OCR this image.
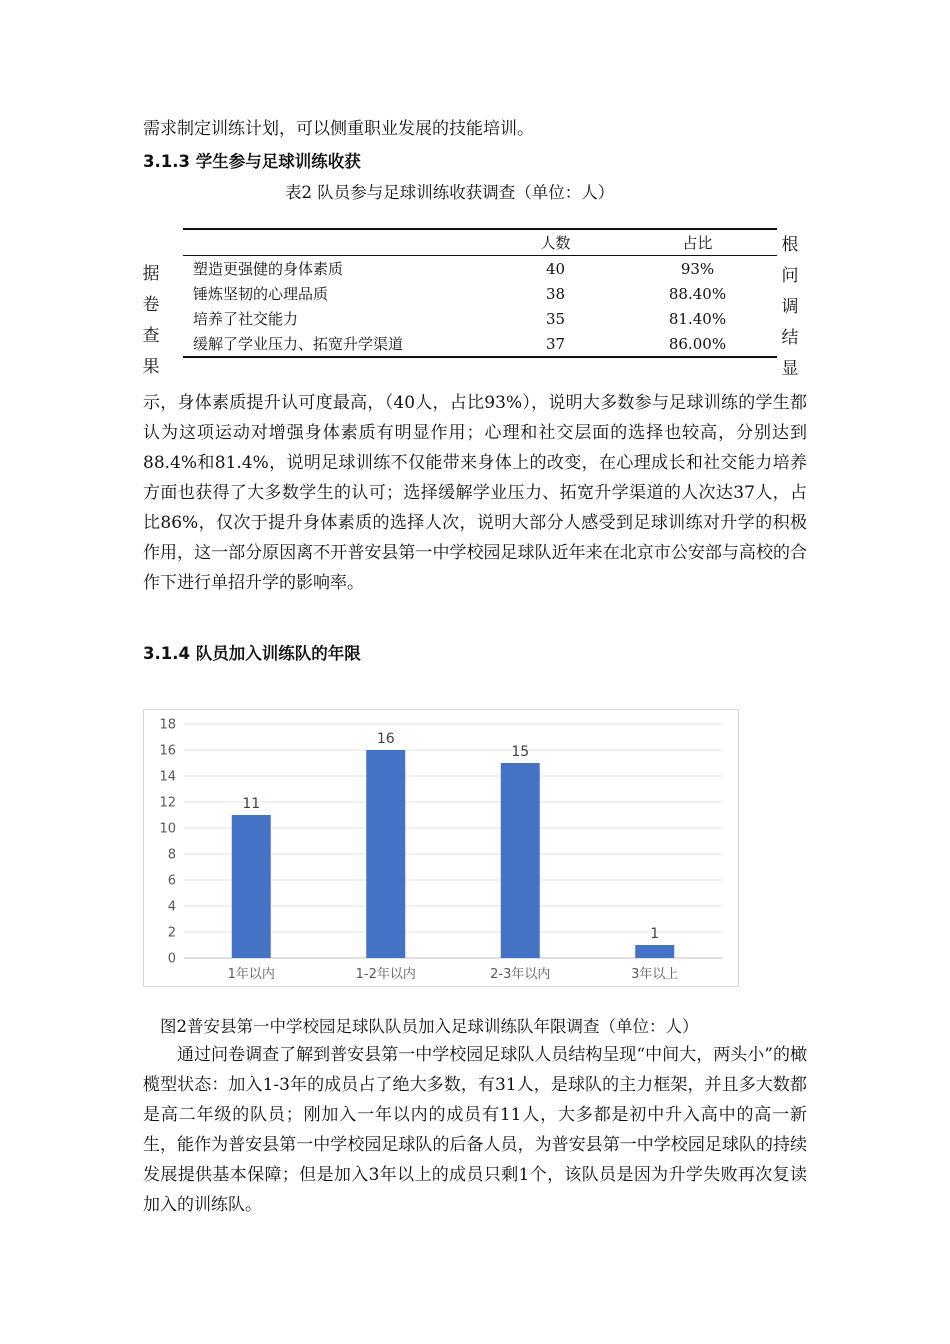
需求制定训练计划，可以侧重职业发展的技能培训。

3.1.3 学生参与足球训练收获

表2 队员参与足球训练收获调查（单位：人）

据卷查果
根问调结显
	人数	占比
塑造更强健的身体素质	40	93%
锤炼坚韧的心理品质	38	88.40%
培养了社交能力	35	81.40%
缓解了学业压力、拓宽升学渠道	37	86.00%

示，身体素质提升认可度最高，（40人，占比93%），说明大多数参与足球训练的学生都认为这项运动对增强身体素质有明显作用；心理和社交层面的选择也较高，分别达到88.4%和81.4%，说明足球训练不仅能带来身体上的改变，在心理成长和社交能力培养方面也获得了大多数学生的认可；选择缓解学业压力、拓宽升学渠道的人次达37人，占比86%，仅次于提升身体素质的选择人次，说明大部分人感受到足球训练对升学的积极作用，这一部分原因离不开普安县第一中学校园足球队近年来在北京市公安部与高校的合作下进行单招升学的影响率。

3.1.4 队员加入训练队的年限
0
2
4
6
8
10
12
14
16
18
11
1年以内
16
1-2年以内
15
2-3年以内
1
3年以上

图2普安县第一中学校园足球队队员加入足球训练队年限调查（单位：人）

　　通过问卷调查了解到普安县第一中学校园足球队人员结构呈现“中间大，两头小”的橄榄型状态：加入1-3年的成员占了绝大多数，有31人，是球队的主力框架，并且多大数都是高二年级的队员；刚加入一年以内的成员有11人，大多都是初中升入高中的高一新生，能作为普安县第一中学校园足球队的后备人员，为普安县第一中学校园足球队的持续发展提供基本保障；但是加入3年以上的成员只剩1个，该队员是因为升学失败再次复读加入的训练队。
